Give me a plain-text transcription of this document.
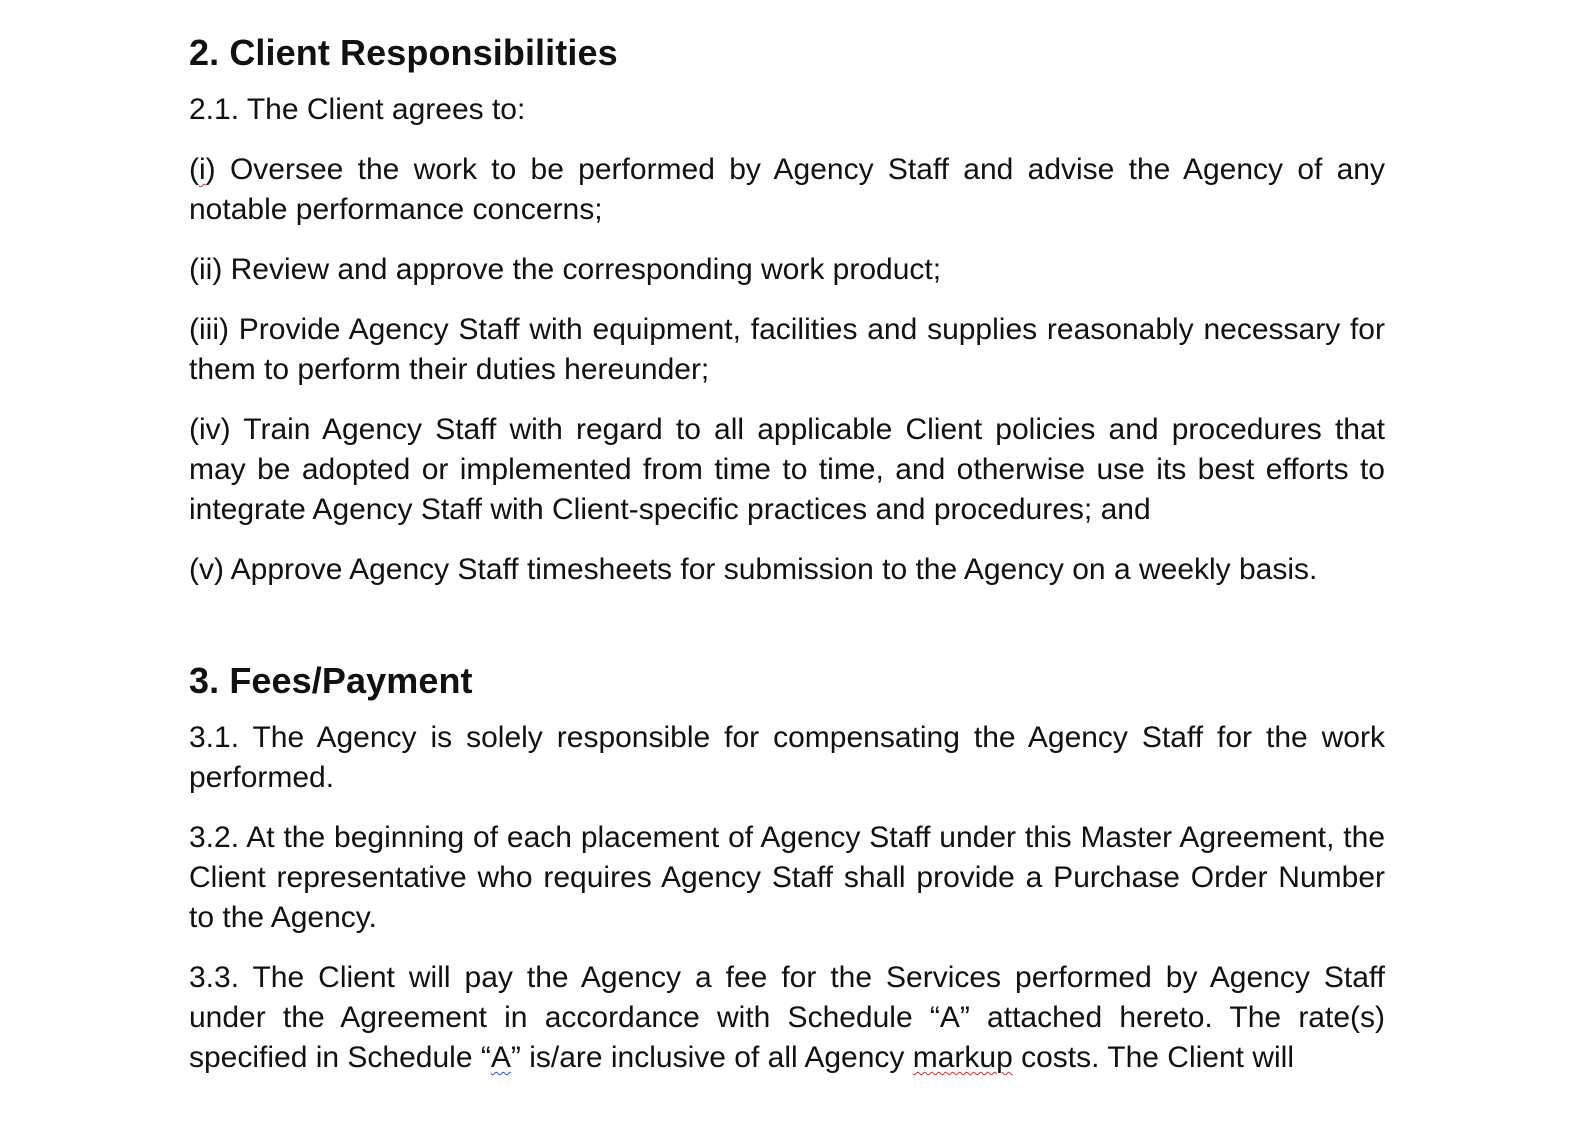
2. Client Responsibilities
2.1. The Client agrees to:
(i) Oversee the work to be performed by Agency Staff and advise the Agency of any notable performance concerns;
(ii) Review and approve the corresponding work product;
(iii) Provide Agency Staff with equipment, facilities and supplies reasonably necessary for them to perform their duties hereunder;
(iv) Train Agency Staff with regard to all applicable Client policies and procedures that may be adopted or implemented from time to time, and otherwise use its best efforts to integrate Agency Staff with Client-specific practices and procedures; and
(v) Approve Agency Staff timesheets for submission to the Agency on a weekly basis.
3. Fees/Payment
3.1. The Agency is solely responsible for compensating the Agency Staff for the work performed.
3.2. At the beginning of each placement of Agency Staff under this Master Agreement, the Client representative who requires Agency Staff shall provide a Purchase Order Number to the Agency.
3.3. The Client will pay the Agency a fee for the Services performed by Agency Staff under the Agreement in accordance with Schedule “A” attached hereto. The rate(s) specified in Schedule “A” is/are inclusive of all Agency markup costs. The Client will
